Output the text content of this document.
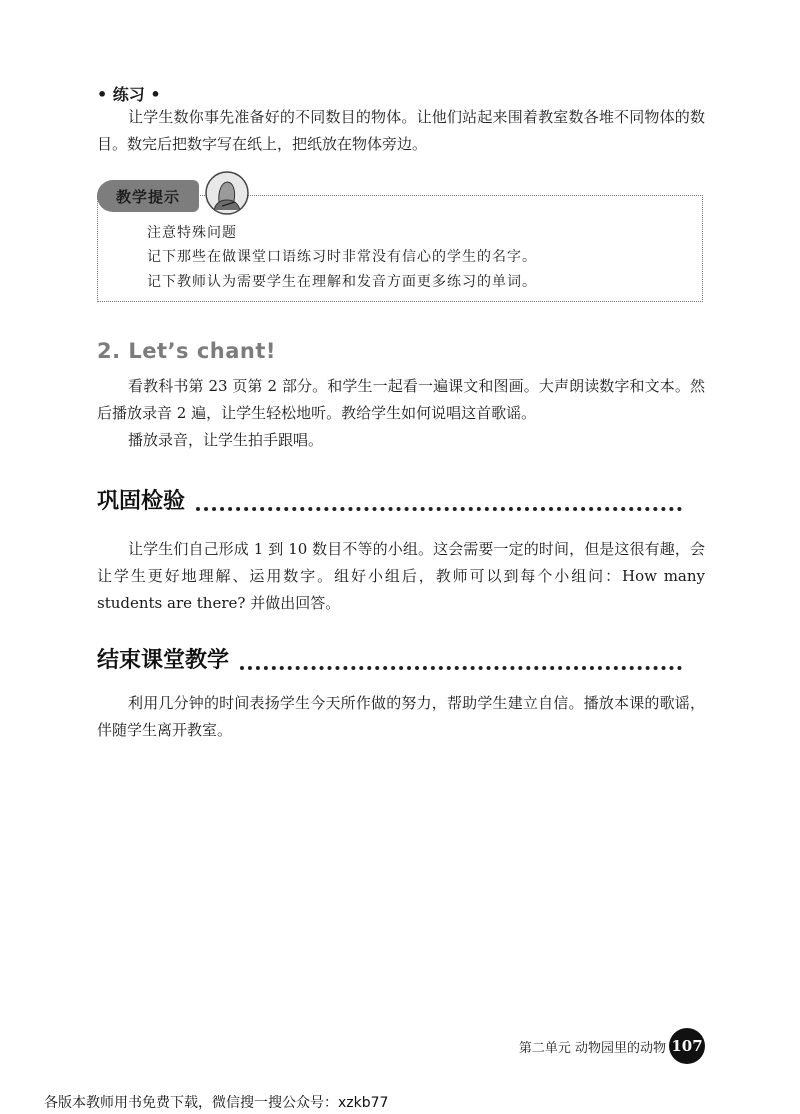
• 练习 •

让学生数你事先准备好的不同数目的物体。让他们站起来围着教室数各堆不同物体的数目。数完后把数字写在纸上，把纸放在物体旁边。

教学提示
注意特殊问题
记下那些在做课堂口语练习时非常没有信心的学生的名字。
记下教师认为需要学生在理解和发音方面更多练习的单词。
2. Let’s chant!

看教科书第 23 页第 2 部分。和学生一起看一遍课文和图画。大声朗读数字和文本。然后播放录音 2 遍，让学生轻松地听。教给学生如何说唱这首歌谣。

播放录音，让学生拍手跟唱。

巩固检验

让学生们自己形成 1 到 10 数目不等的小组。这会需要一定的时间，但是这很有趣，会让学生更好地理解、运用数字。组好小组后，教师可以到每个小组问：How many students are there? 并做出回答。

结束课堂教学

利用几分钟的时间表扬学生今天所作做的努力，帮助学生建立自信。播放本课的歌谣，伴随学生离开教室。

第二单元 动物园里的动物 107
各版本教师用书免费下载，微信搜一搜公众号：xzkb77
